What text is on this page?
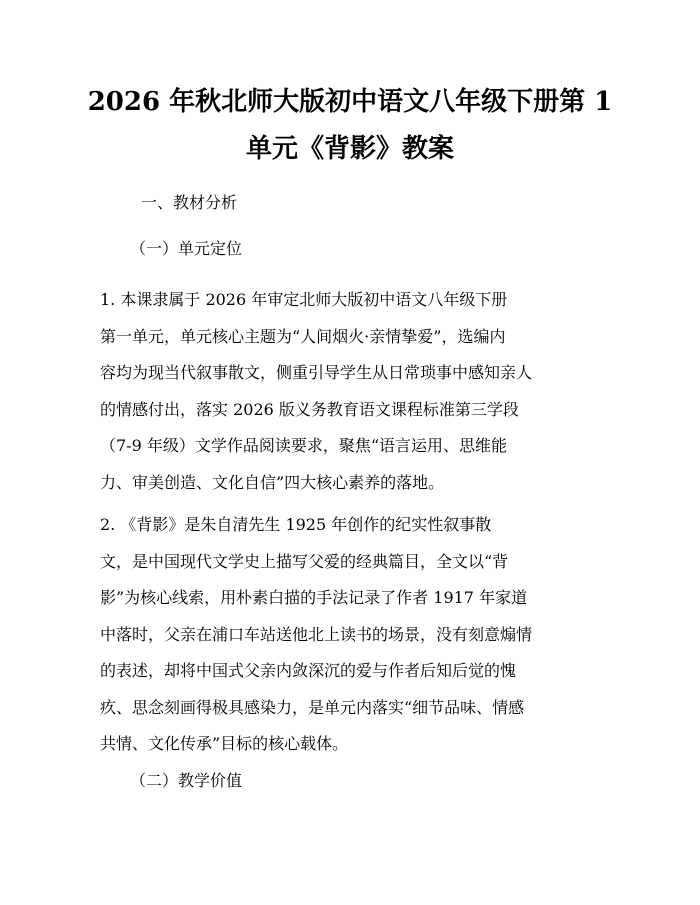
2026 年秋北师大版初中语文八年级下册第 1
单元《背影》教案
一、教材分析
（一）单元定位
1. 本课隶属于 2026 年审定北师大版初中语文八年级下册
第一单元，单元核心主题为“人间烟火·亲情挚爱”，选编内
容均为现当代叙事散文，侧重引导学生从日常琐事中感知亲人
的情感付出，落实 2026 版义务教育语文课程标准第三学段
（7-9 年级）文学作品阅读要求，聚焦“语言运用、思维能
力、审美创造、文化自信”四大核心素养的落地。
2. 《背影》是朱自清先生 1925 年创作的纪实性叙事散
文，是中国现代文学史上描写父爱的经典篇目，全文以“背
影”为核心线索，用朴素白描的手法记录了作者 1917 年家道
中落时，父亲在浦口车站送他北上读书的场景，没有刻意煽情
的表述，却将中国式父亲内敛深沉的爱与作者后知后觉的愧
疚、思念刻画得极具感染力，是单元内落实“细节品味、情感
共情、文化传承”目标的核心载体。
（二）教学价值
